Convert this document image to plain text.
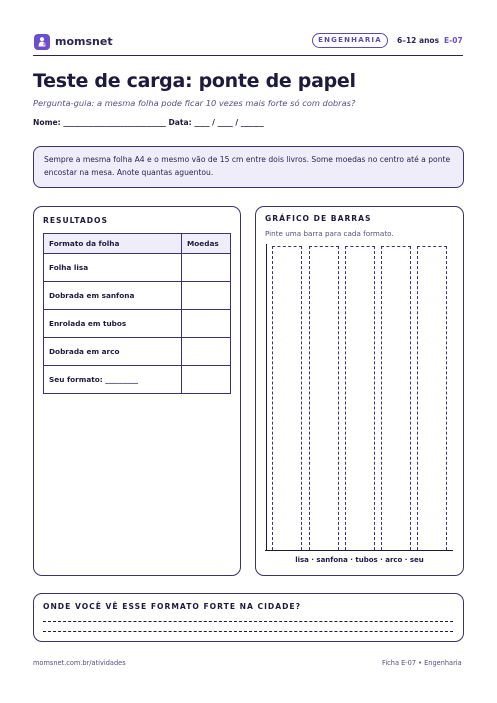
momsnet	ENGENHARIA	6–12 anos E-07
Teste de carga: ponte de papel
Pergunta-guia: a mesma folha pode ficar 10 vezes mais forte só com dobras?
Nome: ___________________________ Data: ____ / ____ / ______
Sempre a mesma folha A4 e o mesmo vão de 15 cm entre dois livros. Some moedas no centro até a ponte encostar na mesa. Anote quantas aguentou.
RESULTADOS
Formato da folha	Moedas
Folha lisa	
Dobrada em sanfona	
Enrolada em tubos	
Dobrada em arco	
Seu formato: _________	
GRÁFICO DE BARRAS
Pinte uma barra para cada formato.
lisa · sanfona · tubos · arco · seu
ONDE VOCÊ VÊ ESSE FORMATO FORTE NA CIDADE?
momsnet.com.br/atividades	Ficha E-07 • Engenharia
